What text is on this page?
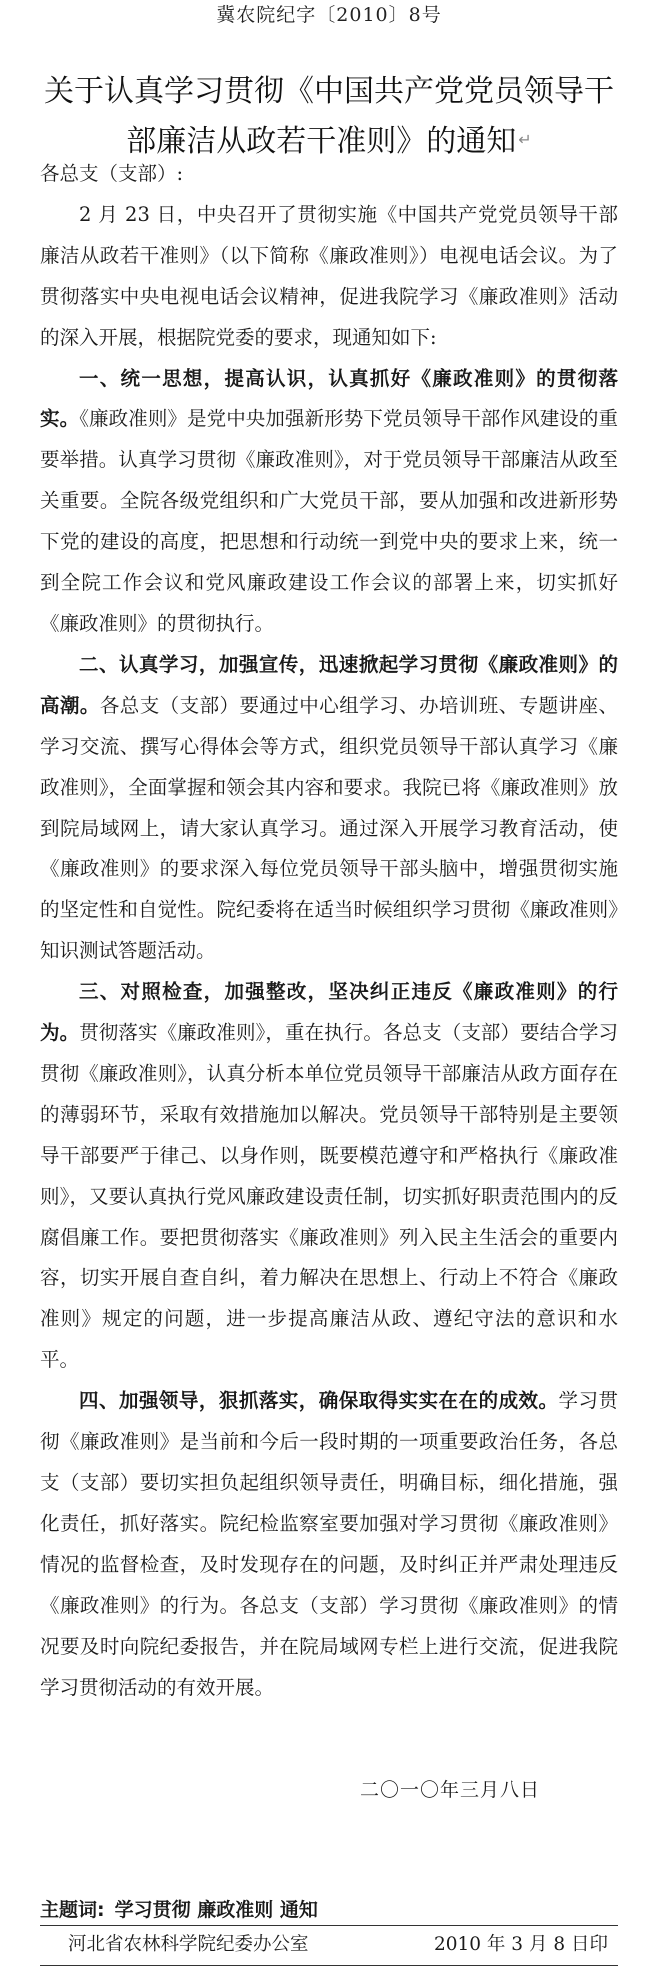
冀农院纪字〔2010〕8号
关于认真学习贯彻《中国共产党党员领导干
部廉洁从政若干准则》的通知 ↵

各总支（支部）:

2 月 23 日，中央召开了贯彻实施《中国共产党党员领导干部廉洁从政若干准则》（以下简称《廉政准则》）电视电话会议。为了贯彻落实中央电视电话会议精神，促进我院学习《廉政准则》活动的深入开展，根据院党委的要求，现通知如下:

一、统一思想，提高认识，认真抓好《廉政准则》的贯彻落实。《廉政准则》是党中央加强新形势下党员领导干部作风建设的重要举措。认真学习贯彻《廉政准则》，对于党员领导干部廉洁从政至关重要。全院各级党组织和广大党员干部，要从加强和改进新形势下党的建设的高度，把思想和行动统一到党中央的要求上来，统一到全院工作会议和党风廉政建设工作会议的部署上来，切实抓好《廉政准则》的贯彻执行。

二、认真学习，加强宣传，迅速掀起学习贯彻《廉政准则》的高潮。各总支（支部）要通过中心组学习、办培训班、专题讲座、学习交流、撰写心得体会等方式，组织党员领导干部认真学习《廉政准则》，全面掌握和领会其内容和要求。我院已将《廉政准则》放到院局域网上，请大家认真学习。通过深入开展学习教育活动，使《廉政准则》的要求深入每位党员领导干部头脑中，增强贯彻实施的坚定性和自觉性。院纪委将在适当时候组织学习贯彻《廉政准则》知识测试答题活动。

三、对照检查，加强整改，坚决纠正违反《廉政准则》的行为。贯彻落实《廉政准则》，重在执行。各总支（支部）要结合学习贯彻《廉政准则》，认真分析本单位党员领导干部廉洁从政方面存在的薄弱环节，采取有效措施加以解决。党员领导干部特别是主要领导干部要严于律己、以身作则，既要模范遵守和严格执行《廉政准则》，又要认真执行党风廉政建设责任制，切实抓好职责范围内的反腐倡廉工作。要把贯彻落实《廉政准则》列入民主生活会的重要内容，切实开展自查自纠，着力解决在思想上、行动上不符合《廉政准则》规定的问题，进一步提高廉洁从政、遵纪守法的意识和水平。

四、加强领导，狠抓落实，确保取得实实在在的成效。学习贯彻《廉政准则》是当前和今后一段时期的一项重要政治任务，各总支（支部）要切实担负起组织领导责任，明确目标，细化措施，强化责任，抓好落实。院纪检监察室要加强对学习贯彻《廉政准则》情况的监督检查，及时发现存在的问题，及时纠正并严肃处理违反《廉政准则》的行为。各总支（支部）学习贯彻《廉政准则》的情况要及时向院纪委报告，并在院局域网专栏上进行交流，促进我院学习贯彻活动的有效开展。

二〇一〇年三月八日
主题词: 学习贯彻 廉政准则 通知
河北省农林科学院纪委办公室	2010 年 3 月 8 日印
